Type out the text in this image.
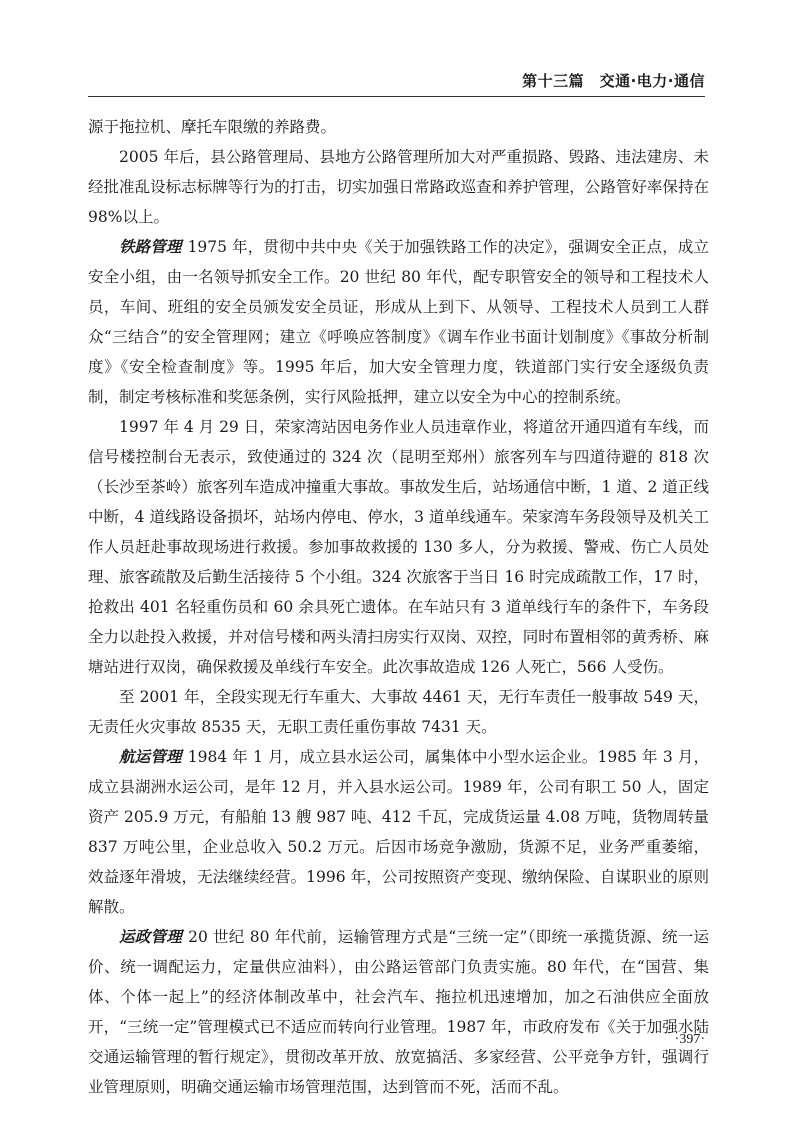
第十三篇　交通·电力·通信

源于拖拉机、摩托车限缴的养路费。

2005 年后，县公路管理局、县地方公路管理所加大对严重损路、毁路、违法建房、未经批准乱设标志标牌等行为的打击，切实加强日常路政巡查和养护管理，公路管好率保持在 98%以上。

铁路管理 1975 年，贯彻中共中央《关于加强铁路工作的决定》，强调安全正点，成立安全小组，由一名领导抓安全工作。20 世纪 80 年代，配专职管安全的领导和工程技术人员，车间、班组的安全员颁发安全员证，形成从上到下、从领导、工程技术人员到工人群众“三结合”的安全管理网；建立《呼唤应答制度》《调车作业书面计划制度》《事故分析制度》《安全检查制度》等。1995 年后，加大安全管理力度，铁道部门实行安全逐级负责制，制定考核标准和奖惩条例，实行风险抵押，建立以安全为中心的控制系统。

1997 年 4 月 29 日，荣家湾站因电务作业人员违章作业，将道岔开通四道有车线，而信号楼控制台无表示，致使通过的 324 次（昆明至郑州）旅客列车与四道待避的 818 次（长沙至茶岭）旅客列车造成冲撞重大事故。事故发生后，站场通信中断，1 道、2 道正线中断，4 道线路设备损坏，站场内停电、停水，3 道单线通车。荣家湾车务段领导及机关工作人员赶赴事故现场进行救援。参加事故救援的 130 多人，分为救援、警戒、伤亡人员处理、旅客疏散及后勤生活接待 5 个小组。324 次旅客于当日 16 时完成疏散工作，17 时，抢救出 401 名轻重伤员和 60 余具死亡遗体。在车站只有 3 道单线行车的条件下，车务段全力以赴投入救援，并对信号楼和两头清扫房实行双岗、双控，同时布置相邻的黄秀桥、麻塘站进行双岗，确保救援及单线行车安全。此次事故造成 126 人死亡，566 人受伤。

至 2001 年，全段实现无行车重大、大事故 4461 天，无行车责任一般事故 549 天，无责任火灾事故 8535 天，无职工责任重伤事故 7431 天。

航运管理 1984 年 1 月，成立县水运公司，属集体中小型水运企业。1985 年 3 月，成立县湖洲水运公司，是年 12 月，并入县水运公司。1989 年，公司有职工 50 人，固定资产 205.9 万元，有船舶 13 艘 987 吨、412 千瓦，完成货运量 4.08 万吨，货物周转量 837 万吨公里，企业总收入 50.2 万元。后因市场竞争激励，货源不足，业务严重萎缩，效益逐年滑坡，无法继续经营。1996 年，公司按照资产变现、缴纳保险、自谋职业的原则解散。

运政管理 20 世纪 80 年代前，运输管理方式是“三统一定”（即统一承揽货源、统一运价、统一调配运力，定量供应油料），由公路运管部门负责实施。80 年代，在“国营、集体、个体一起上”的经济体制改革中，社会汽车、拖拉机迅速增加，加之石油供应全面放开，“三统一定”管理模式已不适应而转向行业管理。1987 年，市政府发布《关于加强水陆交通运输管理的暂行规定》，贯彻改革开放、放宽搞活、多家经营、公平竞争方针，强调行业管理原则，明确交通运输市场管理范围，达到管而不死，活而不乱。

·397·
